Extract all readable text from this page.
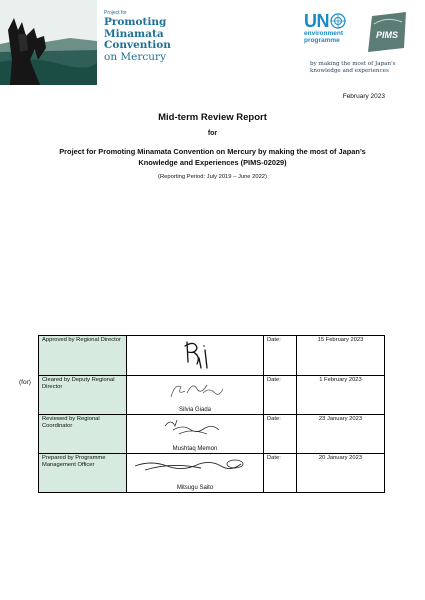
Project for
Promoting
Minamata
Convention
on Mercury
UN
environment
programme
PIMS
by making the most of Japan's knowledge and experiences
February 2023
Mid-term Review Report
for
Project for Promoting Minamata Convention on Mercury by making the most of Japan’s Knowledge and Experiences (PIMS-02029)
(Reporting Period: July 2019 – June 2022)
(for)
Approved by Regional Director		Date:	15 February 2023
Cleared by Deputy Regional Director	Silvia Giada	Date:	1 February 2023
Reviewed by Regional Coordinator	Mushtaq Memon	Date:	23 January 2023
Prepared by Programme Management Officer	Mitsugu Saito	Date:	20 January 2023
